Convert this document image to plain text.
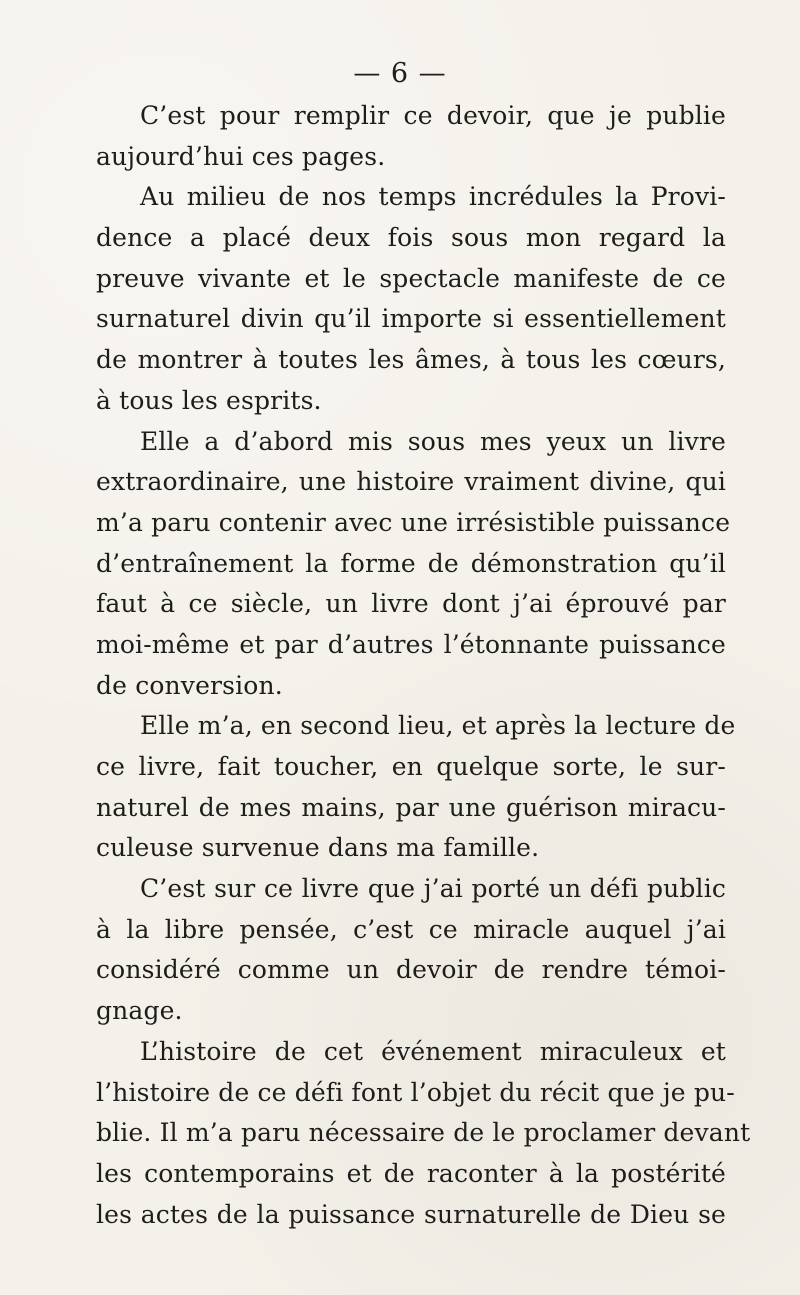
— 6 —
C’est pour remplir ce devoir, que je publie
aujourd’hui ces pages.
Au milieu de nos temps incrédules la Provi-
dence a placé deux fois sous mon regard la
preuve vivante et le spectacle manifeste de ce
surnaturel divin qu’il importe si essentiellement
de montrer à toutes les âmes, à tous les cœurs,
à tous les esprits.
Elle a d’abord mis sous mes yeux un livre
extraordinaire, une histoire vraiment divine, qui
m’a paru contenir avec une irrésistible puissance
d’entraînement la forme de démonstration qu’il
faut à ce siècle, un livre dont j’ai éprouvé par
moi-même et par d’autres l’étonnante puissance
de conversion.
Elle m’a, en second lieu, et après la lecture de
ce livre, fait toucher, en quelque sorte, le sur-
naturel de mes mains, par une guérison miracu-
culeuse survenue dans ma famille.
C’est sur ce livre que j’ai porté un défi public
à la libre pensée, c’est ce miracle auquel j’ai
considéré comme un devoir de rendre témoi-
gnage.
L’histoire de cet événement miraculeux et
l’histoire de ce défi font l’objet du récit que je pu-
blie. Il m’a paru nécessaire de le proclamer devant
les contemporains et de raconter à la postérité
les actes de la puissance surnaturelle de Dieu se
